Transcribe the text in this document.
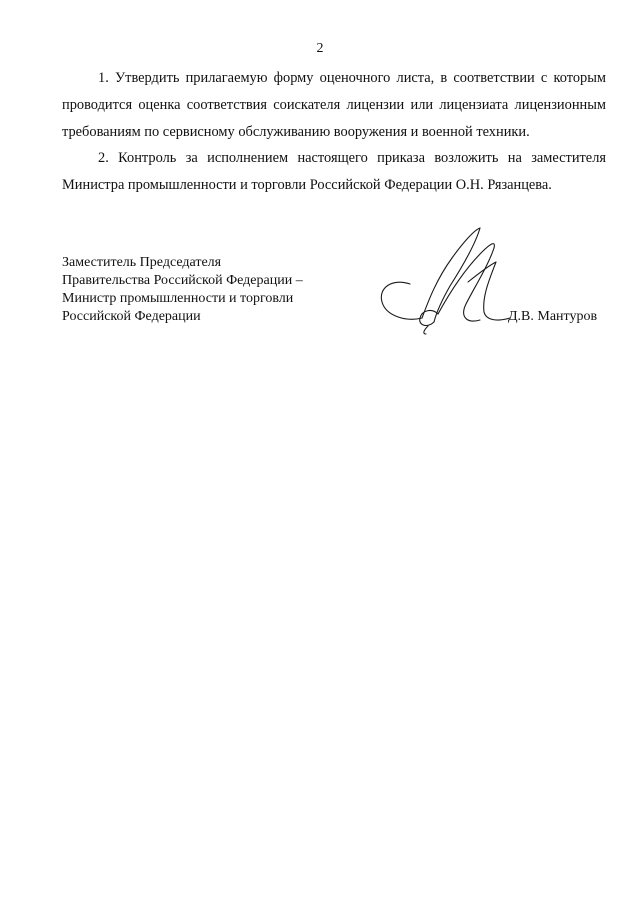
2

1. Утвердить прилагаемую форму оценочного листа, в соответствии с которым проводится оценка соответствия соискателя лицензии или лицензиата лицензионным требованиям по сервисному обслуживанию вооружения и военной техники.

2. Контроль за исполнением настоящего приказа возложить на заместителя Министра промышленности и торговли Российской Федерации О.Н. Рязанцева.

Заместитель Председателя
Правительства Российской Федерации –
Министр промышленности и торговли
Российской Федерации	Д.В. Мантуров
